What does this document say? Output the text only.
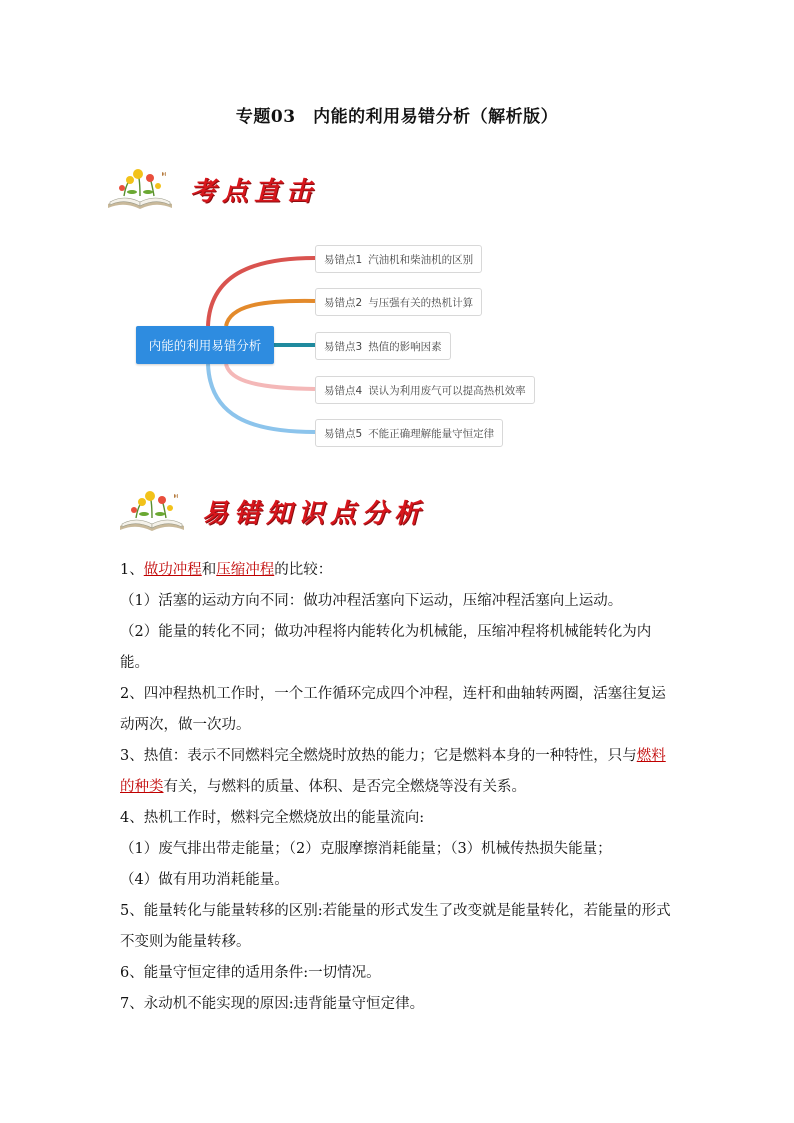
专题03　内能的利用易错分析（解析版）
考点直击
内能的利用易错分析
易错点1 汽油机和柴油机的区别
易错点2 与压强有关的热机计算
易错点3 热值的影响因素
易错点4 误认为利用废气可以提高热机效率
易错点5 不能正确理解能量守恒定律
易错知识点分析

1、做功冲程和压缩冲程的比较：

（1）活塞的运动方向不同：做功冲程活塞向下运动，压缩冲程活塞向上运动。

（2）能量的转化不同；做功冲程将内能转化为机械能，压缩冲程将机械能转化为内能。

2、四冲程热机工作时，一个工作循环完成四个冲程，连杆和曲轴转两圈，活塞往复运动两次，做一次功。

3、热值：表示不同燃料完全燃烧时放热的能力；它是燃料本身的一种特性，只与燃料的种类有关，与燃料的质量、体积、是否完全燃烧等没有关系。

4、热机工作时，燃料完全燃烧放出的能量流向:

（1）废气排出带走能量；（2）克服摩擦消耗能量；（3）机械传热损失能量；

（4）做有用功消耗能量。

5、能量转化与能量转移的区别:若能量的形式发生了改变就是能量转化，若能量的形式不变则为能量转移。

6、能量守恒定律的适用条件:一切情况。

7、永动机不能实现的原因:违背能量守恒定律。
